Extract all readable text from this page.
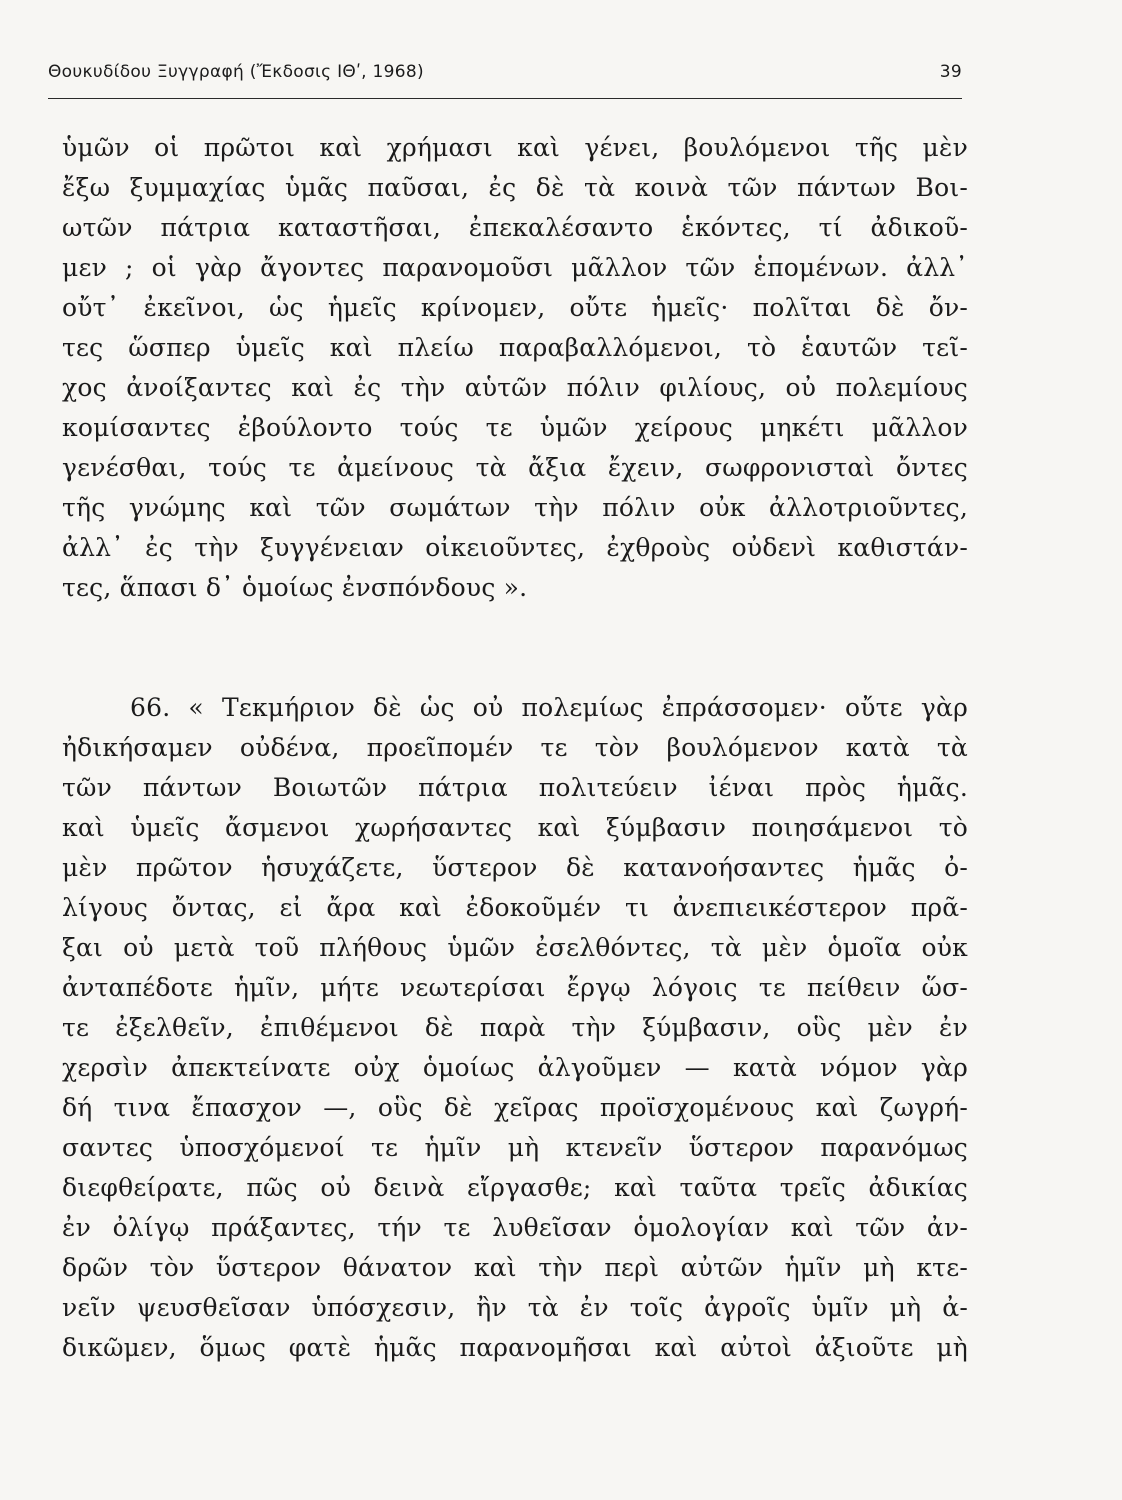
Θουκυδίδου Ξυγγραφή (Ἔκδοσις ΙΘʹ, 1968)	39
ὑμῶν οἱ πρῶτοι καὶ χρήμασι καὶ γένει, βουλόμενοι τῆς μὲν
ἔξω ξυμμαχίας ὑμᾶς παῦσαι, ἐς δὲ τὰ κοινὰ τῶν πάντων Βοι-
ωτῶν πάτρια καταστῆσαι, ἐπεκαλέσαντο ἑκόντες, τί ἀδικοῦ-
μεν ; οἱ γὰρ ἄγοντες παρανομοῦσι μᾶλλον τῶν ἑπομένων. ἀλλ᾽
οὔτ᾽ ἐκεῖνοι, ὡς ἡμεῖς κρίνομεν, οὔτε ἡμεῖς· πολῖται δὲ ὄν-
τες ὥσπερ ὑμεῖς καὶ πλείω παραβαλλόμενοι, τὸ ἑαυτῶν τεῖ-
χος ἀνοίξαντες καὶ ἐς τὴν αὑτῶν πόλιν φιλίους, οὐ πολεμίους
κομίσαντες ἐβούλοντο τούς τε ὑμῶν χείρους μηκέτι μᾶλλον
γενέσθαι, τούς τε ἀμείνους τὰ ἄξια ἔχειν, σωφρονισταὶ ὄντες
τῆς γνώμης καὶ τῶν σωμάτων τὴν πόλιν οὐκ ἀλλοτριοῦντες,
ἀλλ᾽ ἐς τὴν ξυγγένειαν οἰκειοῦντες, ἐχθροὺς οὐδενὶ καθιστάν-
τες, ἅπασι δ᾽ ὁμοίως ἐνσπόνδους ».
66. « Τεκμήριον δὲ ὡς οὐ πολεμίως ἐπράσσομεν· οὔτε γὰρ
ἠδικήσαμεν οὐδένα, προεῖπομέν τε τὸν βουλόμενον κατὰ τὰ
τῶν πάντων Βοιωτῶν πάτρια πολιτεύειν ἰέναι πρὸς ἡμᾶς.
καὶ ὑμεῖς ἄσμενοι χωρήσαντες καὶ ξύμβασιν ποιησάμενοι τὸ
μὲν πρῶτον ἡσυχάζετε, ὕστερον δὲ κατανοήσαντες ἡμᾶς ὀ-
λίγους ὄντας, εἰ ἄρα καὶ ἐδοκοῦμέν τι ἀνεπιεικέστερον πρᾶ-
ξαι οὐ μετὰ τοῦ πλήθους ὑμῶν ἐσελθόντες, τὰ μὲν ὁμοῖα οὐκ
ἀνταπέδοτε ἡμῖν, μήτε νεωτερίσαι ἔργῳ λόγοις τε πείθειν ὥσ-
τε ἐξελθεῖν, ἐπιθέμενοι δὲ παρὰ τὴν ξύμβασιν, οὓς μὲν ἐν
χερσὶν ἀπεκτείνατε οὐχ ὁμοίως ἀλγοῦμεν — κατὰ νόμον γὰρ
δή τινα ἔπασχον —, οὓς δὲ χεῖρας προϊσχομένους καὶ ζωγρή-
σαντες ὑποσχόμενοί τε ἡμῖν μὴ κτενεῖν ὕστερον παρανόμως
διεφθείρατε, πῶς οὐ δεινὰ εἴργασθε; καὶ ταῦτα τρεῖς ἀδικίας
ἐν ὀλίγῳ πράξαντες, τήν τε λυθεῖσαν ὁμολογίαν καὶ τῶν ἀν-
δρῶν τὸν ὕστερον θάνατον καὶ τὴν περὶ αὐτῶν ἡμῖν μὴ κτε-
νεῖν ψευσθεῖσαν ὑπόσχεσιν, ἢν τὰ ἐν τοῖς ἀγροῖς ὑμῖν μὴ ἀ-
δικῶμεν, ὅμως φατὲ ἡμᾶς παρανομῆσαι καὶ αὐτοὶ ἀξιοῦτε μὴ
